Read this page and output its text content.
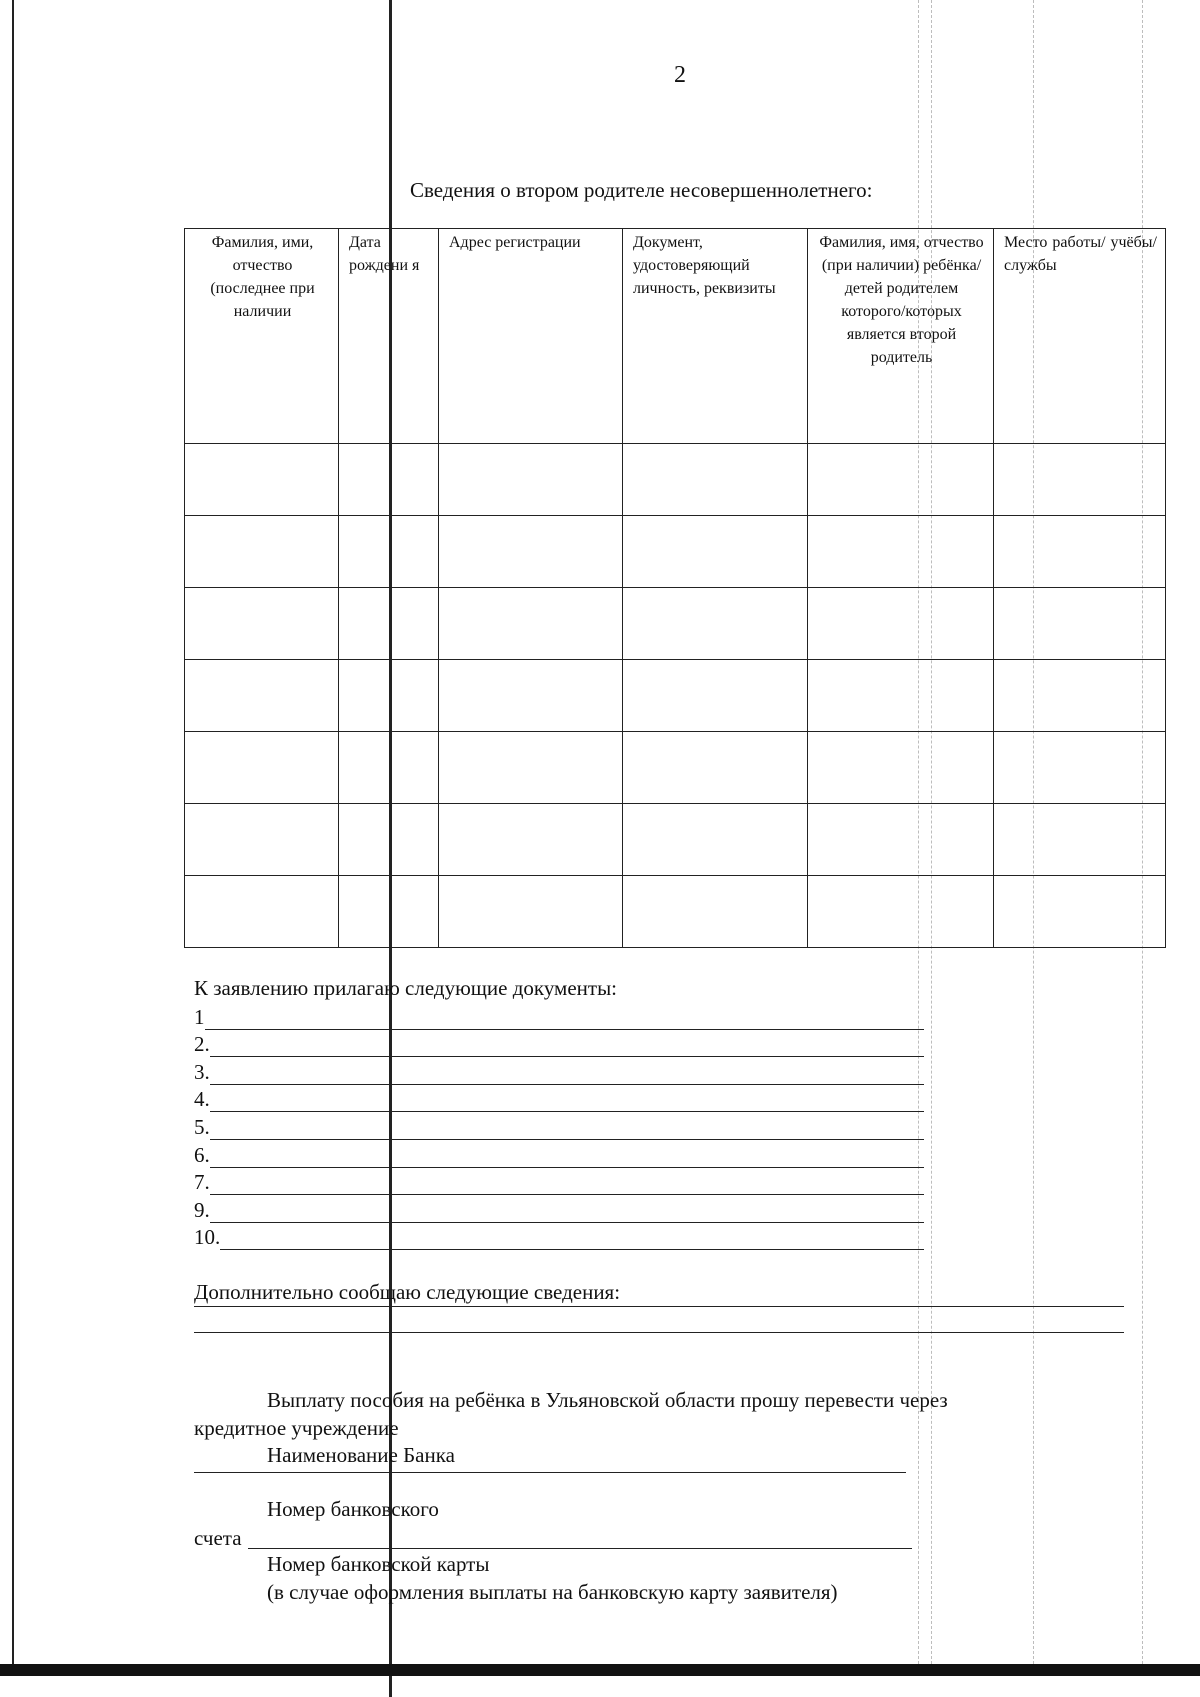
2
Сведения о втором родителе несовершеннолетнего:
Фамилия, ими, отчество (последнее при наличии	Дата рождени я	Адрес регистрации	Документ, удостоверяющий личность, реквизиты	Фамилия, имя, отчество (при наличии) ребёнка/ детей родителем которого/которых является второй родитель	Место работы/ учёбы/ службы

К заявлению прилагаю следующие документы:
1
2.
3.
4.
5.
6.
7.
9.
10.
Дополнительно сообщаю следующие сведения:
Выплату пособия на ребёнка в Ульяновской области прошу перевести через
кредитное учреждение
Наименование Банка
Номер банковского
счета
Номер банковской карты
(в случае оформления выплаты на банковскую карту заявителя)
